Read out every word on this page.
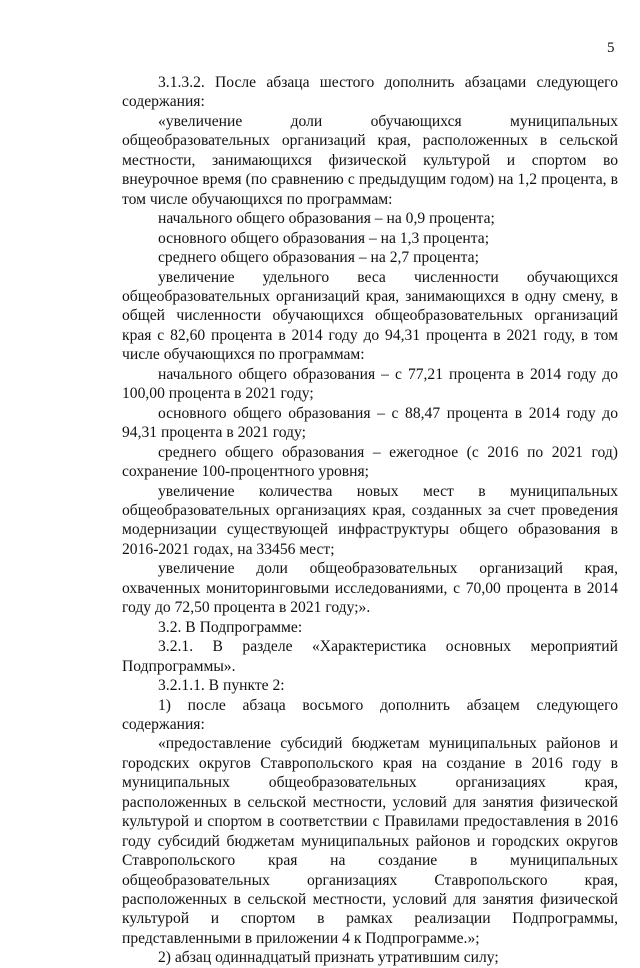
5

3.1.3.2. После абзаца шестого дополнить абзацами следующего содержания:

«увеличение доли обучающихся муниципальных общеобразовательных организаций края, расположенных в сельской местности, занимающихся физической культурой и спортом во внеурочное время (по сравнению с предыдущим годом) на 1,2 процента, в том числе обучающихся по программам:

начального общего образования – на 0,9 процента;

основного общего образования – на 1,3 процента;

среднего общего образования – на 2,7 процента;

увеличение удельного веса численности обучающихся общеобразовательных организаций края, занимающихся в одну смену, в общей численности обучающихся общеобразовательных организаций края с 82,60 процента в 2014 году до 94,31 процента в 2021 году, в том числе обучающихся по программам:

начального общего образования – с 77,21 процента в 2014 году до 100,00 процента в 2021 году;

основного общего образования – с 88,47 процента в 2014 году до 94,31 процента в 2021 году;

среднего общего образования – ежегодное (с 2016 по 2021 год) сохранение 100-процентного уровня;

увеличение количества новых мест в муниципальных общеобразовательных организациях края, созданных за счет проведения модернизации существующей инфраструктуры общего образования в 2016-2021 годах, на 33456 мест;

увеличение доли общеобразовательных организаций края, охваченных мониторинговыми исследованиями, с 70,00 процента в 2014 году до 72,50 процента в 2021 году;».

3.2. В Подпрограмме:

3.2.1. В разделе «Характеристика основных мероприятий Подпрограммы».

3.2.1.1. В пункте 2:

1) после абзаца восьмого дополнить абзацем следующего содержания:

«предоставление субсидий бюджетам муниципальных районов и городских округов Ставропольского края на создание в 2016 году в муниципальных общеобразовательных организациях края, расположенных в сельской местности, условий для занятия физической культурой и спортом в соответствии с Правилами предоставления в 2016 году субсидий бюджетам муниципальных районов и городских округов Ставропольского края на создание в муниципальных общеобразовательных организациях Ставропольского края, расположенных в сельской местности, условий для занятия физической культурой и спортом в рамках реализации Подпрограммы, представленными в приложении 4 к Подпрограмме.»;

2) абзац одиннадцатый признать утратившим силу;
